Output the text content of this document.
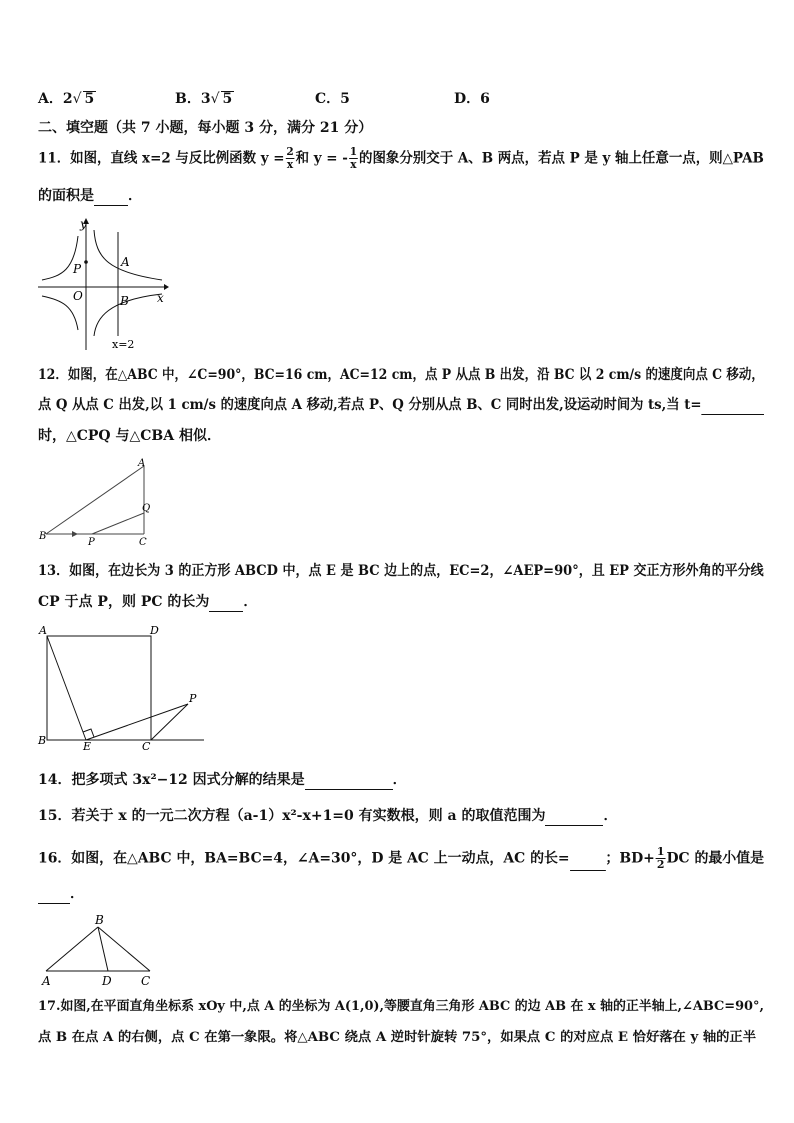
A．2√ 5	B．3√ 5	C．5	D．6
二、填空题（共 7 小题，每小题 3 分，满分 21 分）
11．如图，直线 x=2 与反比例函数 $y = \frac{2}{x}$ 和 y = - $\frac{1}{x}$ 的图象分别交于 A、B 两点，若点 P 是 y 轴上任意一点，则△PAB
的面积是 ．
y
x
P	A
O	B
x=2
12．如图，在△ABC 中，∠C=90°，BC=16 cm，AC=12 cm，点 P 从点 B 出发，沿 BC 以 2 cm/s 的速度向点 C 移动，
点 Q 从点 C 出发,以 1 cm/s 的速度向点 A 移动,若点 P、Q 分别从点 B、C 同时出发,设运动时间为 ts,当 t=
时，△CPQ 与△CBA 相似．
A
Q
B
P	C
13．如图，在边长为 3 的正方形 ABCD 中，点 E 是 BC 边上的点，EC=2，∠AEP=90°，且 EP 交正方形外角的平分线
CP 于点 P，则 PC 的长为 ．
A	D
B	E	C
P
14．把多项式 3x²−12 因式分解的结果是	．
15．若关于 x 的一元二次方程（a-1）x²-x+1=0 有实数根，则 a 的取值范围为	．
16．如图，在△ABC 中，BA=BC=4，∠A=30°，D 是 AC 上一动点，AC 的长=	；$BD+ \frac{1}{2}$ DC 的最小值是
．
B
A	D C
17.如图,在平面直角坐标系 xOy 中,点 A 的坐标为 A(1,0),等腰直角三角形 ABC 的边 AB 在 x 轴的正半轴上,∠ABC=90°,
点 B 在点 A 的右侧，点 C 在第一象限。将△ABC 绕点 A 逆时针旋转 75°，如果点 C 的对应点 E 恰好落在 y 轴的正半
